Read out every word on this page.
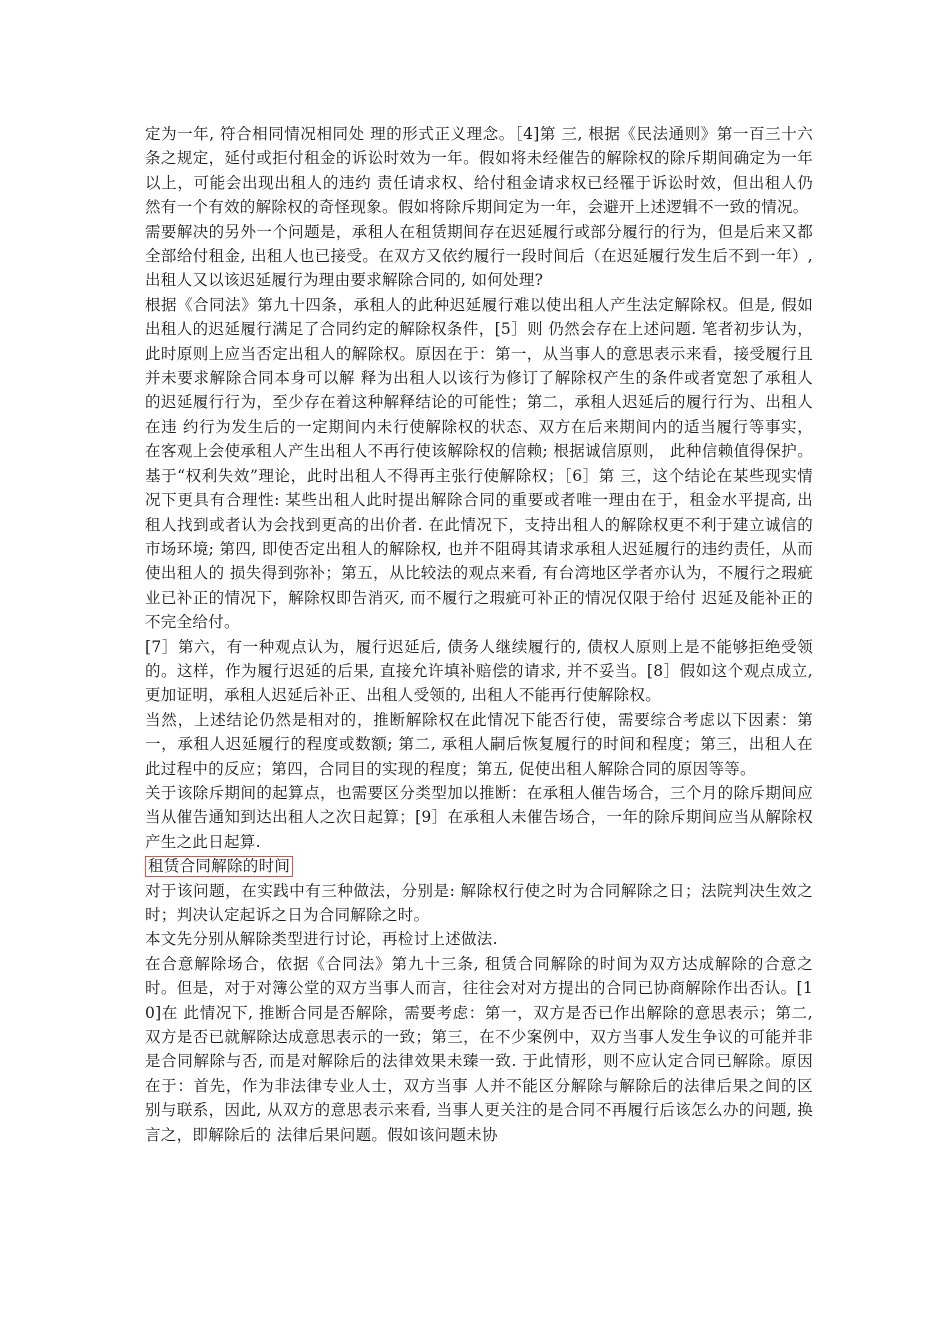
定为一年, 符合相同情况相同处 理的形式正义理念。［4]第 三, 根据《民法通则》第一百三十六条之规定，延付或拒付租金的诉讼时效为一年。假如将未经催告的解除权的除斥期间确定为一年以上，可能会出现出租人的违约 责任请求权、给付租金请求权已经罹于诉讼时效，但出租人仍然有一个有效的解除权的奇怪现象。假如将除斥期间定为一年，会避开上述逻辑不一致的情况。

需要解决的另外一个问题是，承租人在租赁期间存在迟延履行或部分履行的行为，但是后来又都全部给付租金, 出租人也已接受。在双方又依约履行一段时间后（在迟延履行发生后不到一年）, 出租人又以该迟延履行为理由要求解除合同的, 如何处理?

根据《合同法》第九十四条，承租人的此种迟延履行难以使出租人产生法定解除权。但是, 假如出租人的迟延履行满足了合同约定的解除权条件，[5］则 仍然会存在上述问题. 笔者初步认为，此时原则上应当否定出租人的解除权。原因在于：第一，从当事人的意思表示来看，接受履行且并未要求解除合同本身可以解 释为出租人以该行为修订了解除权产生的条件或者宽恕了承租人的迟延履行行为，至少存在着这种解释结论的可能性；第二，承租人迟延后的履行行为、出租人在违 约行为发生后的一定期间内未行使解除权的状态、双方在后来期间内的适当履行等事实，在客观上会使承租人产生出租人不再行使该解除权的信赖; 根据诚信原则， 此种信赖值得保护。基于“权利失效”理论，此时出租人不得再主张行使解除权；［6］第 三，这个结论在某些现实情况下更具有合理性: 某些出租人此时提出解除合同的重要或者唯一理由在于，租金水平提高, 出租人找到或者认为会找到更高的出价者. 在此情况下，支持出租人的解除权更不利于建立诚信的市场环境; 第四, 即使否定出租人的解除权, 也并不阻碍其请求承租人迟延履行的违约责任，从而使出租人的 损失得到弥补；第五，从比较法的观点来看, 有台湾地区学者亦认为，不履行之瑕疵业已补正的情况下，解除权即告消灭, 而不履行之瑕疵可补正的情况仅限于给付 迟延及能补正的不完全给付。

[7］第六，有一种观点认为，履行迟延后, 债务人继续履行的, 债权人原则上是不能够拒绝受领的。这样，作为履行迟延的后果, 直接允许填补赔偿的请求, 并不妥当。[8］假如这个观点成立, 更加证明，承租人迟延后补正、出租人受领的, 出租人不能再行使解除权。

当然，上述结论仍然是相对的，推断解除权在此情况下能否行使，需要综合考虑以下因素：第一，承租人迟延履行的程度或数额; 第二, 承租人嗣后恢复履行的时间和程度；第三，出租人在此过程中的反应；第四，合同目的实现的程度；第五, 促使出租人解除合同的原因等等。

关于该除斥期间的起算点，也需要区分类型加以推断：在承租人催告场合，三个月的除斥期间应当从催告通知到达出租人之次日起算；[9］在承租人未催告场合，一年的除斥期间应当从解除权产生之此日起算.

租赁合同解除的时间

对于该问题，在实践中有三种做法，分别是: 解除权行使之时为合同解除之日；法院判决生效之时；判决认定起诉之日为合同解除之时。

本文先分别从解除类型进行讨论，再检讨上述做法.

在合意解除场合，依据《合同法》第九十三条, 租赁合同解除的时间为双方达成解除的合意之时。但是，对于对簿公堂的双方当事人而言，往往会对对方提出的合同已协商解除作出否认。[10]在 此情况下, 推断合同是否解除，需要考虑：第一，双方是否已作出解除的意思表示；第二, 双方是否已就解除达成意思表示的一致；第三，在不少案例中，双方当事人发生争议的可能并非是合同解除与否, 而是对解除后的法律效果未臻一致. 于此情形，则不应认定合同已解除。原因在于：首先，作为非法律专业人士，双方当事 人并不能区分解除与解除后的法律后果之间的区别与联系，因此, 从双方的意思表示来看, 当事人更关注的是合同不再履行后该怎么办的问题, 换言之，即解除后的 法律后果问题。假如该问题未协
